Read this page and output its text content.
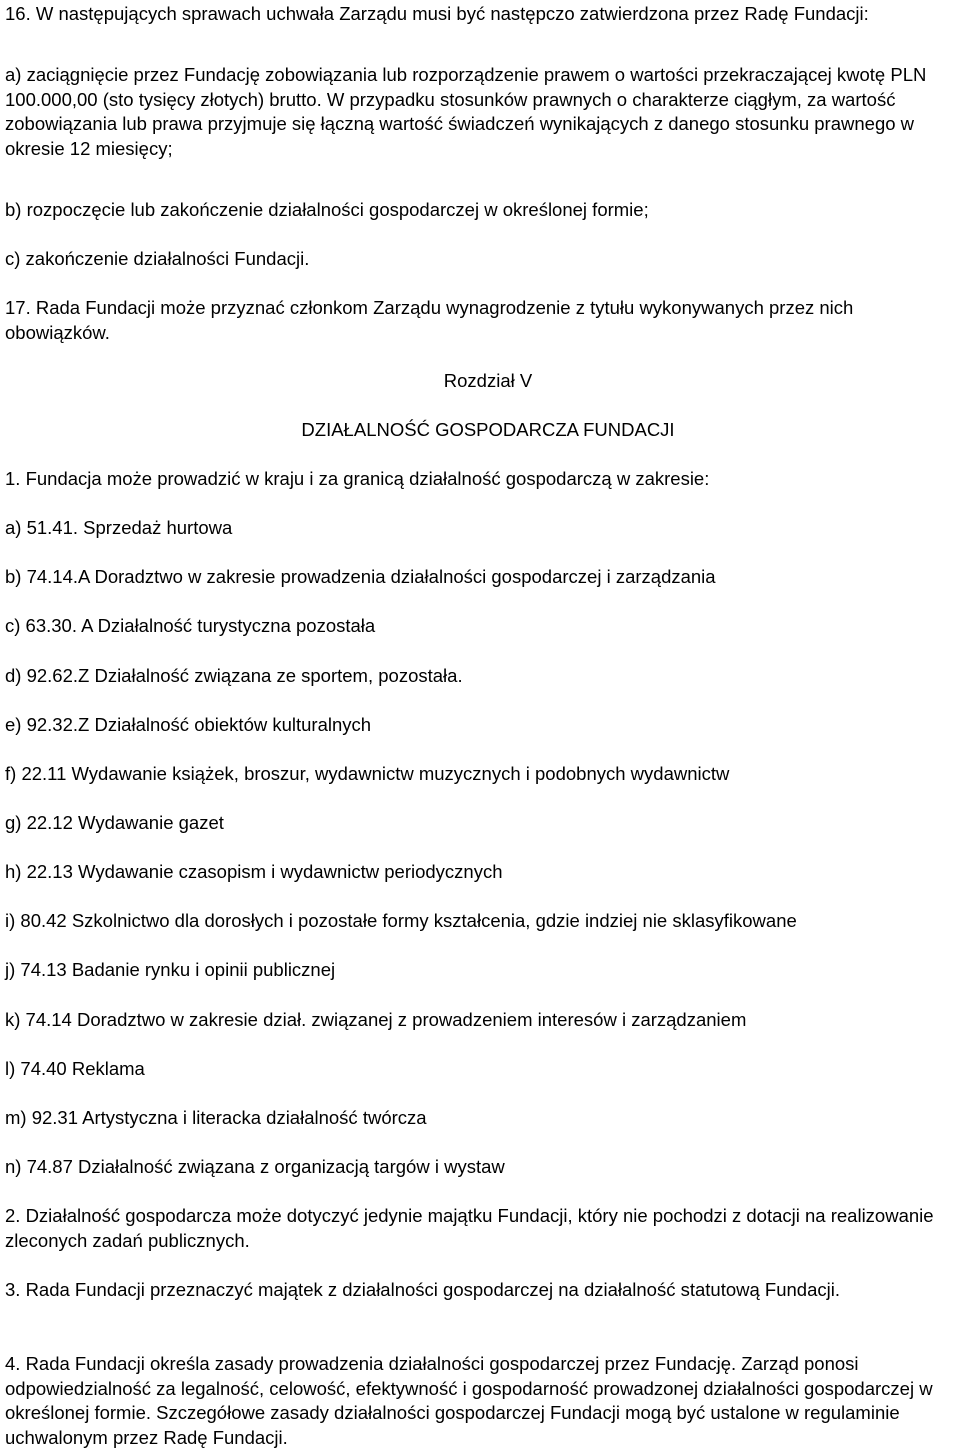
16. W następujących sprawach uchwała Zarządu musi być następczo zatwierdzona przez Radę Fundacji:

a) zaciągnięcie przez Fundację zobowiązania lub rozporządzenie prawem o wartości przekraczającej kwotę PLN 100.000,00 (sto tysięcy złotych) brutto. W przypadku stosunków prawnych o charakterze ciągłym, za wartość zobowiązania lub prawa przyjmuje się łączną wartość świadczeń wynikających z danego stosunku prawnego w okresie 12 miesięcy;

b) rozpoczęcie lub zakończenie działalności gospodarczej w określonej formie;

c) zakończenie działalności Fundacji.

17. Rada Fundacji może przyznać członkom Zarządu wynagrodzenie z tytułu wykonywanych przez nich obowiązków.

Rozdział V

DZIAŁALNOŚĆ GOSPODARCZA FUNDACJI

1. Fundacja może prowadzić w kraju i za granicą działalność gospodarczą w zakresie:

a) 51.41. Sprzedaż hurtowa

b) 74.14.A Doradztwo w zakresie prowadzenia działalności gospodarczej i zarządzania

c) 63.30. A Działalność turystyczna pozostała

d) 92.62.Z Działalność związana ze sportem, pozostała.

e) 92.32.Z Działalność obiektów kulturalnych

f) 22.11 Wydawanie książek, broszur, wydawnictw muzycznych i podobnych wydawnictw

g) 22.12 Wydawanie gazet

h) 22.13 Wydawanie czasopism i wydawnictw periodycznych

i) 80.42 Szkolnictwo dla dorosłych i pozostałe formy kształcenia, gdzie indziej nie sklasyfikowane

j) 74.13 Badanie rynku i opinii publicznej

k) 74.14 Doradztwo w zakresie dział. związanej z prowadzeniem interesów i zarządzaniem

l) 74.40 Reklama

m) 92.31 Artystyczna i literacka działalność twórcza

n) 74.87 Działalność związana z organizacją targów i wystaw

2. Działalność gospodarcza może dotyczyć jedynie majątku Fundacji, który nie pochodzi z dotacji na realizowanie zleconych zadań publicznych.

3. Rada Fundacji przeznaczyć majątek z działalności gospodarczej na działalność statutową Fundacji.

4. Rada Fundacji określa zasady prowadzenia działalności gospodarczej przez Fundację. Zarząd ponosi odpowiedzialność za legalność, celowość, efektywność i gospodarność prowadzonej działalności gospodarczej w określonej formie. Szczegółowe zasady działalności gospodarczej Fundacji mogą być ustalone w regulaminie uchwalonym przez Radę Fundacji.
